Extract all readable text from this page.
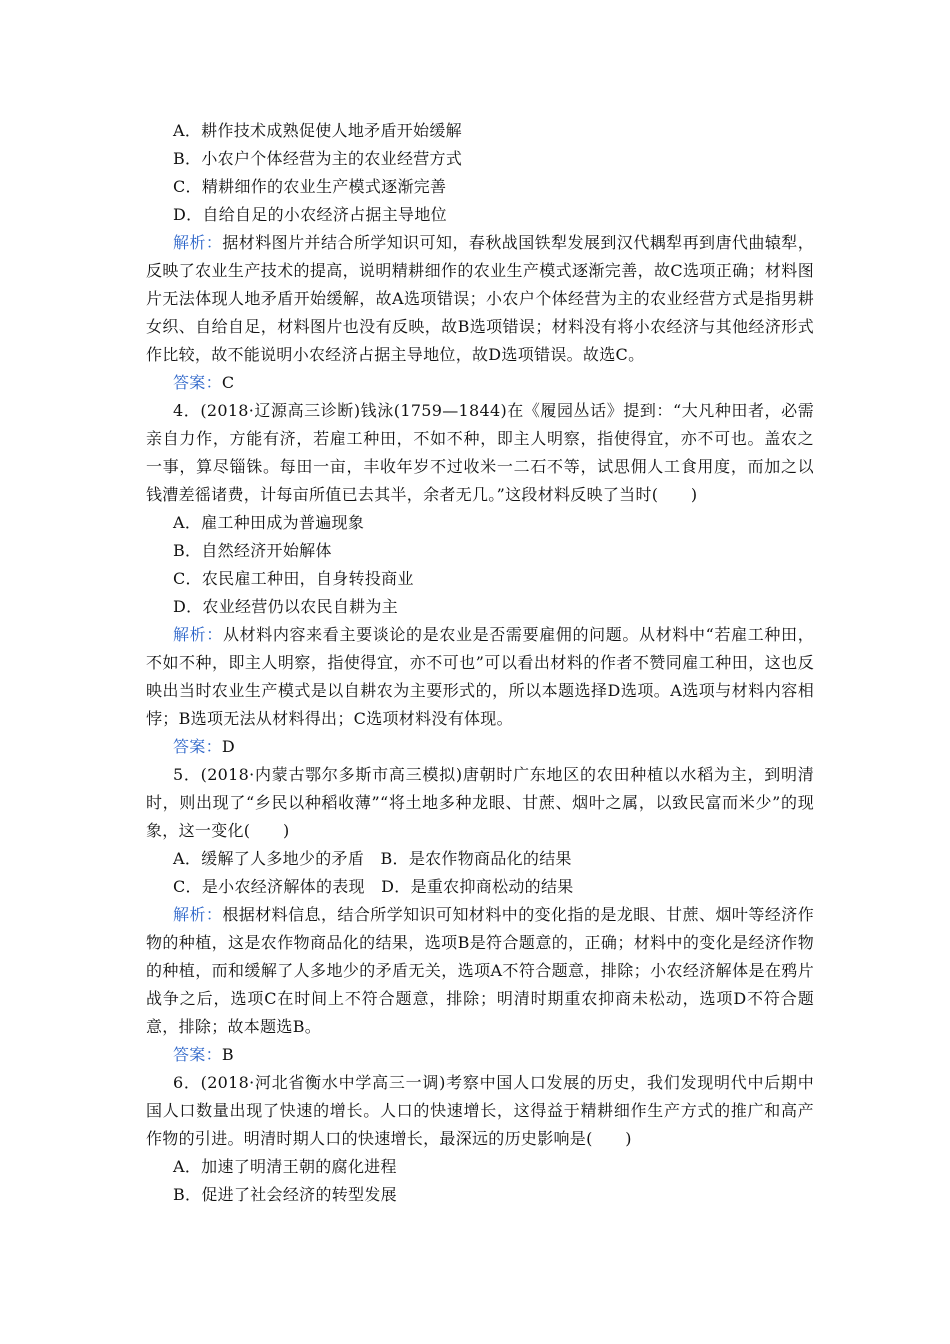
A．耕作技术成熟促使人地矛盾开始缓解
B．小农户个体经营为主的农业经营方式
C．精耕细作的农业生产模式逐渐完善
D．自给自足的小农经济占据主导地位
解析：据材料图片并结合所学知识可知，春秋战国铁犁发展到汉代耦犁再到唐代曲辕犁，反映了农业生产技术的提高，说明精耕细作的农业生产模式逐渐完善，故C选项正确；材料图片无法体现人地矛盾开始缓解，故A选项错误；小农户个体经营为主的农业经营方式是指男耕女织、自给自足，材料图片也没有反映，故B选项错误；材料没有将小农经济与其他经济形式作比较，故不能说明小农经济占据主导地位，故D选项错误。故选C。
答案：C
4．(2018·辽源高三诊断)钱泳(1759—1844)在《履园丛话》提到：“大凡种田者，必需亲自力作，方能有济，若雇工种田，不如不种，即主人明察，指使得宜，亦不可也。盖农之一事，算尽锱铢。每田一亩，丰收年岁不过收米一二石不等，试思佣人工食用度，而加之以钱漕差徭诸费，计每亩所值已去其半，余者无几。”这段材料反映了当时(　　)
A．雇工种田成为普遍现象
B．自然经济开始解体
C．农民雇工种田，自身转投商业
D．农业经营仍以农民自耕为主
解析：从材料内容来看主要谈论的是农业是否需要雇佣的问题。从材料中“若雇工种田，不如不种，即主人明察，指使得宜，亦不可也”可以看出材料的作者不赞同雇工种田，这也反映出当时农业生产模式是以自耕农为主要形式的，所以本题选择D选项。A选项与材料内容相悖；B选项无法从材料得出；C选项材料没有体现。
答案：D
5．(2018·内蒙古鄂尔多斯市高三模拟)唐朝时广东地区的农田种植以水稻为主，到明清时，则出现了“乡民以种稻收薄”“将土地多种龙眼、甘蔗、烟叶之属，以致民富而米少”的现象，这一变化(　　)
A．缓解了人多地少的矛盾　B．是农作物商品化的结果
C．是小农经济解体的表现　D．是重农抑商松动的结果
解析：根据材料信息，结合所学知识可知材料中的变化指的是龙眼、甘蔗、烟叶等经济作物的种植，这是农作物商品化的结果，选项B是符合题意的，正确；材料中的变化是经济作物的种植，而和缓解了人多地少的矛盾无关，选项A不符合题意，排除；小农经济解体是在鸦片战争之后，选项C在时间上不符合题意，排除；明清时期重农抑商未松动，选项D不符合题意，排除；故本题选B。
答案：B
6．(2018·河北省衡水中学高三一调)考察中国人口发展的历史，我们发现明代中后期中国人口数量出现了快速的增长。人口的快速增长，这得益于精耕细作生产方式的推广和高产作物的引进。明清时期人口的快速增长，最深远的历史影响是(　　)
A．加速了明清王朝的腐化进程
B．促进了社会经济的转型发展
